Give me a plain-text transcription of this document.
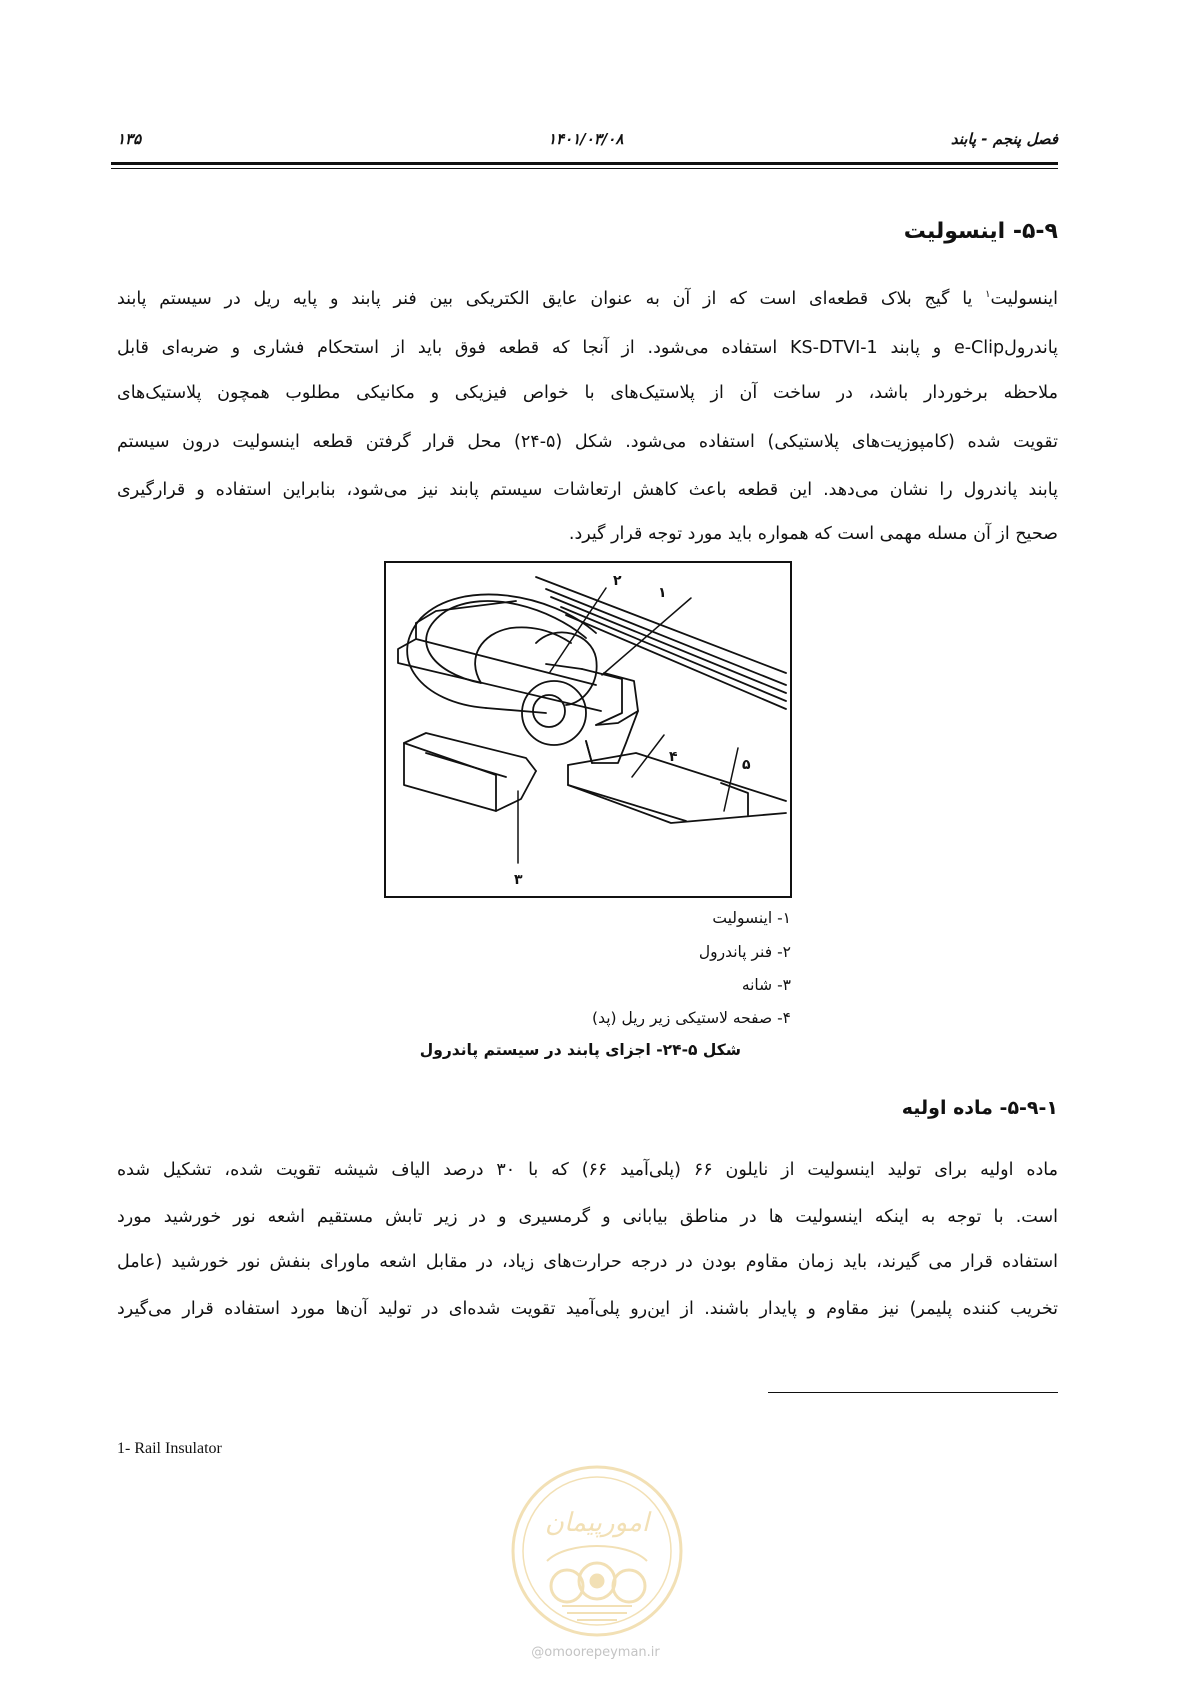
فصل پنجم - پابند
۱۴۰۱/۰۳/۰۸
۱۳۵
۵-۹- اینسولیت
اینسولیت$^۱$ یا گیج بلاک قطعه‌ای است که از آن به عنوان عایق الکتریکی بین فنر پابند و پایه ریل در سیستم پابند
پاندرولe-Clip و پابند KS-DTVI-1 استفاده می‌شود. از آنجا که قطعه فوق باید از استحکام فشاری و ضربه‌ای قابل
ملاحظه برخوردار باشد، در ساخت آن از پلاستیک‌های با خواص فیزیکی و مکانیکی مطلوب همچون پلاستیک‌های
تقویت شده (کامپوزیت‌های پلاستیکی) استفاده می‌شود. شکل (۵-۲۴) محل قرار گرفتن قطعه اینسولیت درون سیستم
پابند پاندرول را نشان می‌دهد. این قطعه باعث کاهش ارتعاشات سیستم پابند نیز می‌شود، بنابراین استفاده و قرارگیری
صحیح از آن مسله مهمی است که همواره باید مورد توجه قرار گیرد.
۱
۲
۳
۴	۵
۱- اینسولیت
۲- فنر پاندرول
۳- شانه
۴- صفحه لاستیکی زیر ریل (پد)
شکل ۵-۲۴- اجزای پابند در سیستم پاندرول
۵-۹-۱- ماده اولیه
ماده اولیه برای تولید اینسولیت از نایلون ۶۶ (پلی‌آمید ۶۶) که با ۳۰ درصد الیاف شیشه تقویت شده، تشکیل شده
است. با توجه به اینکه اینسولیت ها در مناطق بیابانی و گرمسیری و در زیر تابش مستقیم اشعه نور خورشید مورد
استفاده قرار می گیرند، باید زمان مقاوم بودن در درجه حرارت‌های زیاد، در مقابل اشعه ماورای بنفش نور خورشید (عامل
تخریب کننده پلیمر) نیز مقاوم و پایدار باشند. از این‌رو پلی‌آمید تقویت شده‌ای در تولید آن‌ها مورد استفاده قرار می‌گیرد
1- Rail Insulator
امورپیمان
@omoorepeyman.ir
